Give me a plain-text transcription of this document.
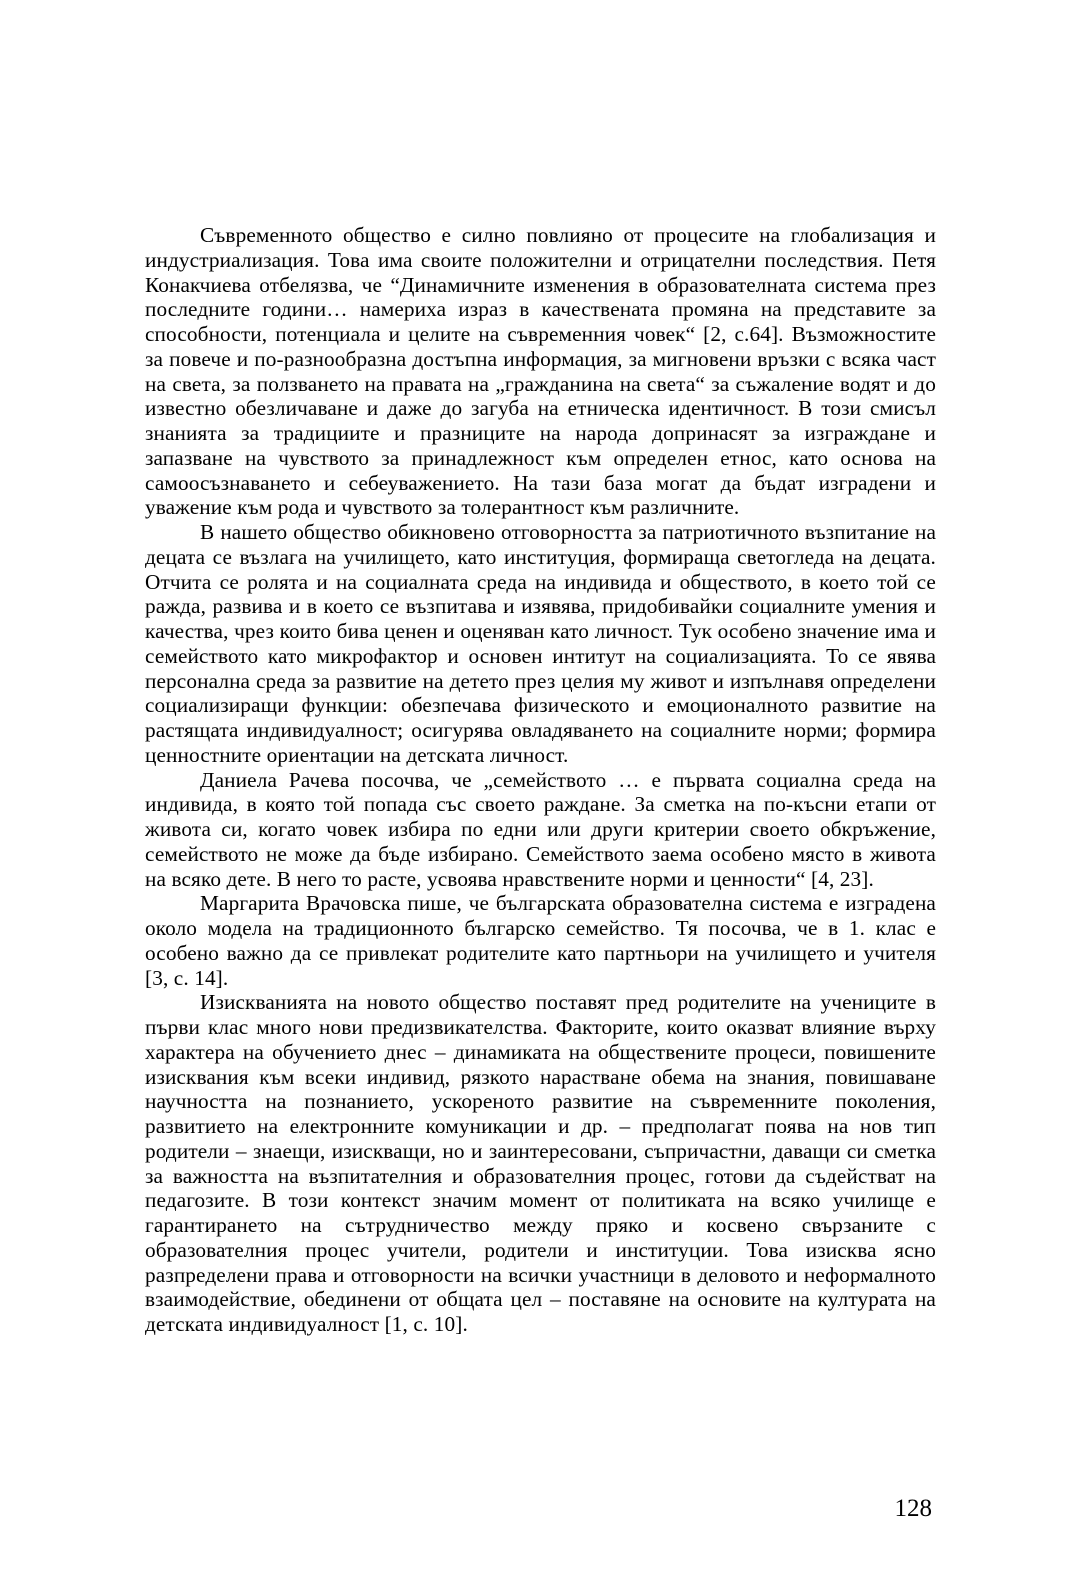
Съвременното общество е силно повлияно от процесите на глобализация и индустриализация. Това има своите положителни и отрицателни последствия. Петя Конакчиева отбелязва, че “Динамичните изменения в образователната система през последните години… намериха израз в качествената промяна на представите за способности, потенциала и целите на съвременния човек“ [2, с.64]. Възможностите за повече и по-разнообразна достъпна информация, за мигновени връзки с всяка част на света, за ползването на правата на „гражданина на света“ за съжаление водят и до известно обезличаване и даже до загуба на етническа идентичност. В този смисъл знанията за традициите и празниците на народа допринасят за изграждане и запазване на чувството за принадлежност към определен етнос, като основа на самоосъзнаването и себеуважението. На тази база могат да бъдат изградени и уважение към рода и чувството за толерантност към различните.

В нашето общество обикновено отговорността за патриотичното възпитание на децата се възлага на училището, като институция, формираща светогледа на децата. Отчита се ролята и на социалната среда на индивида и обществото, в което той се ражда, развива и в което се възпитава и изявява, придобивайки социалните умения и качества, чрез които бива ценен и оценяван като личност. Тук особено значение има и семейството като микрофактор и основен интитут на социализацията. То се явява персонална среда за развитие на детето през целия му живот и изпълнавя определени социализиращи функции: обезпечава физическото и емоционалното развитие на растящата индивидуалност; осигурява овладяването на социалните норми; формира ценностните ориентации на детската личност.

Даниела Рачева посочва, че „семейството … е първата социална среда на индивида, в която той попада със своето раждане. За сметка на по-късни етапи от живота си, когато човек избира по едни или други критерии своето обкръжение, семейството не може да бъде избирано. Семейството заема особено място в живота на всяко дете. В него то расте, усвоява нравствените норми и ценности“ [4, 23].

Маргарита Врачовска пише, че българската образователна система е изградена около модела на традиционното българско семейство. Тя посочва, че в 1. клас е особено важно да се привлекат родителите като партньори на училището и учителя [3, с. 14].

Изискванията на новото общество поставят пред родителите на учениците в първи клас много нови предизвикателства. Факторите, които оказват влияние върху характера на обучението днес – динамиката на обществените процеси, повишените изисквания към всеки индивид, рязкото нарастване обема на знания, повишаване научността на познанието, ускореното развитие на съвременните поколения, развитието на електронните комуникации и др. – предполагат поява на нов тип родители – знаещи, изискващи, но и заинтересовани, съпричастни, даващи си сметка за важността на възпитателния и образователния процес, готови да съдействат на педагозите. В този контекст значим момент от политиката на всяко училище е гарантирането на сътрудничество между пряко и косвено свързаните с образователния процес учители, родители и институции. Това изисква ясно разпределени права и отговорности на всички участници в деловото и неформалното взаимодействие, обединени от общата цел – поставяне на основите на културата на детската индивидуалност [1, с. 10].

128
